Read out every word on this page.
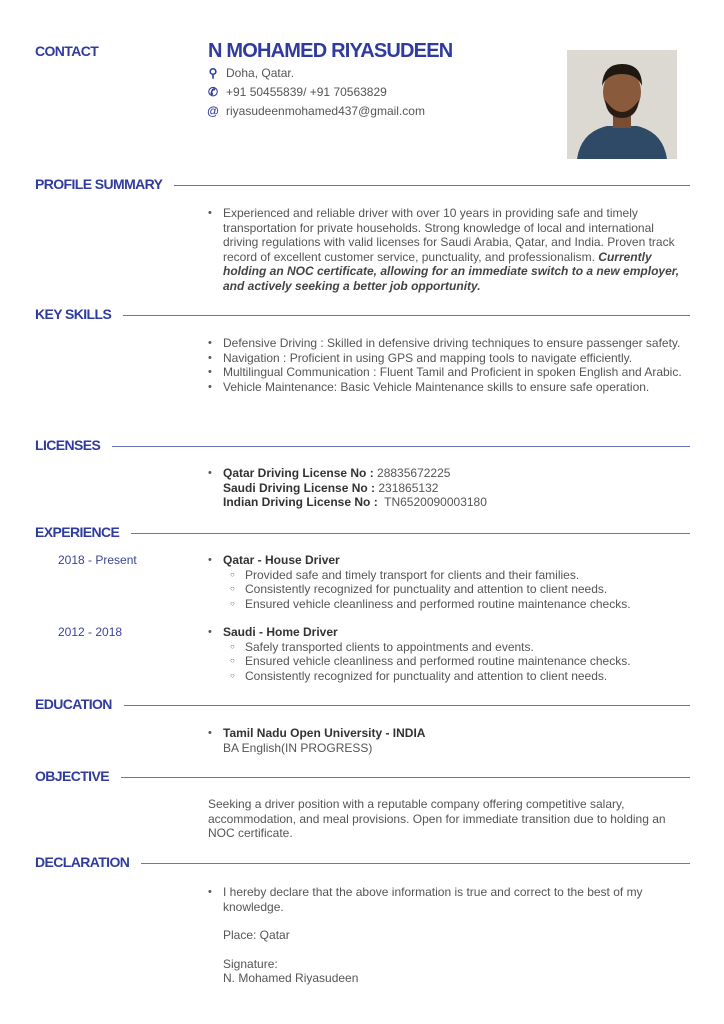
CONTACT	N MOHAMED RIYASUDEEN
⚲ Doha, Qatar.
✆ +91 50455839/ +91 70563829
@ riyasudeenmohamed437@gmail.com
PROFILE SUMMARY
• Experienced and reliable driver with over 10 years in providing safe and timely transportation for private households. Strong knowledge of local and international driving regulations with valid licenses for Saudi Arabia, Qatar, and India. Proven track record of excellent customer service, punctuality, and professionalism. Currently holding an NOC certificate, allowing for an immediate switch to a new employer, and actively seeking a better job opportunity.
KEY SKILLS
• Defensive Driving : Skilled in defensive driving techniques to ensure passenger safety.
• Navigation : Proficient in using GPS and mapping tools to navigate efficiently.
• Multilingual Communication : Fluent Tamil and Proficient in spoken English and Arabic.
• Vehicle Maintenance: Basic Vehicle Maintenance skills to ensure safe operation.
LICENSES
• Qatar Driving License No : 28835672225
Saudi Driving License No : 231865132
Indian Driving License No :  TN6520090003180
EXPERIENCE
2018 - Present	• Qatar - House Driver
○ Provided safe and timely transport for clients and their families.
○ Consistently recognized for punctuality and attention to client needs.
○ Ensured vehicle cleanliness and performed routine maintenance checks.
2012 - 2018	• Saudi - Home Driver
○ Safely transported clients to appointments and events.
○ Ensured vehicle cleanliness and performed routine maintenance checks.
○ Consistently recognized for punctuality and attention to client needs.
EDUCATION
• Tamil Nadu Open University - INDIA
BA English(IN PROGRESS)
OBJECTIVE
Seeking a driver position with a reputable company offering competitive salary, accommodation, and meal provisions. Open for immediate transition due to holding an NOC certificate.
DECLARATION
• I hereby declare that the above information is true and correct to the best of my knowledge.
Place: Qatar
Signature:
N. Mohamed Riyasudeen
